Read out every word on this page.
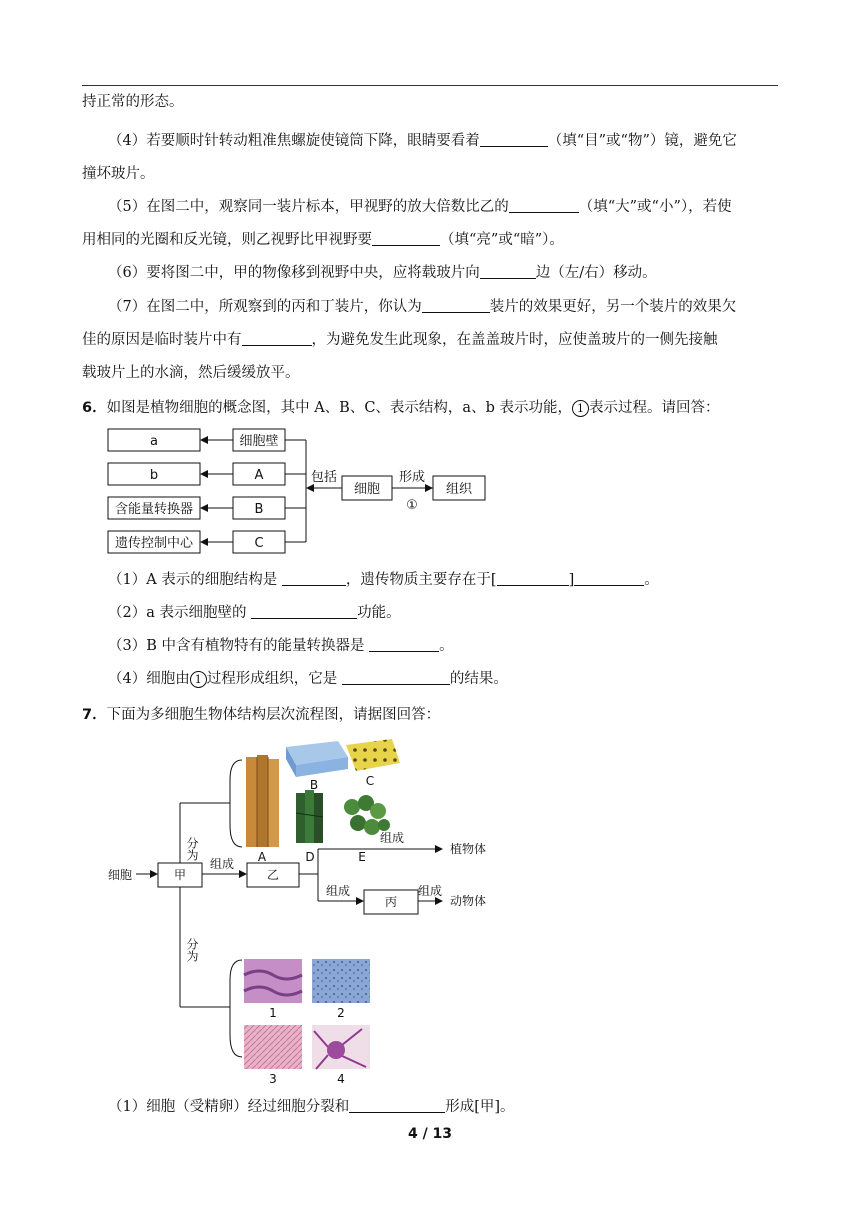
持正常的形态。
（4）若要顺时针转动粗准焦螺旋使镜筒下降，眼睛要看着	（填“目”或“物”）镜，避免它
撞坏玻片。
（5）在图二中，观察同一装片标本，甲视野的放大倍数比乙的	（填“大”或“小”），若使
用相同的光圈和反光镜，则乙视野比甲视野要	（填“亮”或“暗”）。
（6）要将图二中，甲的物像移到视野中央，应将载玻片向	边（左/右）移动。
（7）在图二中，所观察到的丙和丁装片，你认为	装片的效果更好，另一个装片的效果欠
佳的原因是临时装片中有	，为避免发生此现象，在盖盖玻片时，应使盖玻片的一侧先接触
载玻片上的水滴，然后缓缓放平。
6．如图是植物细胞的概念图，其中 A、B、C、表示结构，a、b 表示功能， 1 表示过程。请回答：
a
b
含能量转换器
遗传控制中心
细胞壁
A
B
C
包括
细胞
形成
①
组织
（1）A 表示的细胞结构是	，遗传物质主要存在于[	]	。
（2）a 表示细胞壁的	功能。
（3）B 中含有植物特有的能量转换器是	。
（4）细胞由 1 过程形成组织，它是	的结果。
7．下面为多细胞生物体结构层次流程图，请据图回答：
细胞	甲
组成
乙
组成
植物体
组成
丙
组成
动物体
分为
分为
A
B	C
D	E
1	2
3	4
（1）细胞（受精卵）经过细胞分裂和	形成[甲]。
4 / 13
